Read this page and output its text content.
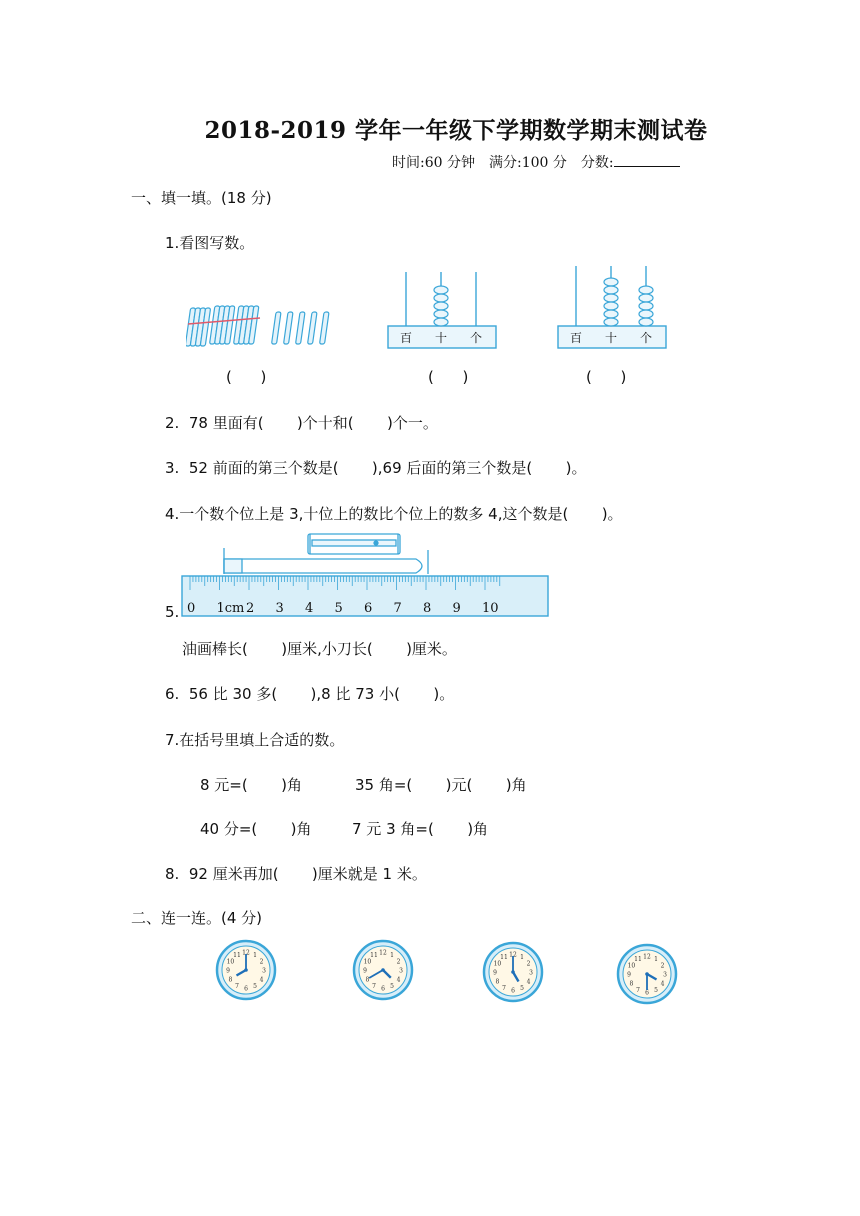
2018-2019 学年一年级下学期数学期末测试卷
时间:60 分钟 满分:100 分 分数:
一、填一填。(18 分)
1.看图写数。
百 十 个	百 十 个
(      )	(      )	(      )
2.  78 里面有(       )个十和(       )个一。
3.  52 前面的第三个数是(       ),69 后面的第三个数是(       )。
4.一个数个位上是 3,十位上的数比个位上的数多 4,这个数是(       )。
5. 0 1cm 2 3 4 5 6 7 8 9 10
油画棒长(       )厘米,小刀长(       )厘米。
6.  56 比 30 多(       ),8 比 73 小(       )。
7.在括号里填上合适的数。
8 元=(       )角	35 角=(       )元(       )角
40 分=(       )角	7 元 3 角=(       )角
8.  92 厘米再加(       )厘米就是 1 米。
二、连一连。(4 分)
1
2
3
4
5
6
7
8
9
10
11 12	1
2
3
4
5
6
7
8
9
10
11 12
1
2
3
4
5
6
7
8
9
10
11 12
1
2
3
4
5
6
7
8
9
10
11 12
